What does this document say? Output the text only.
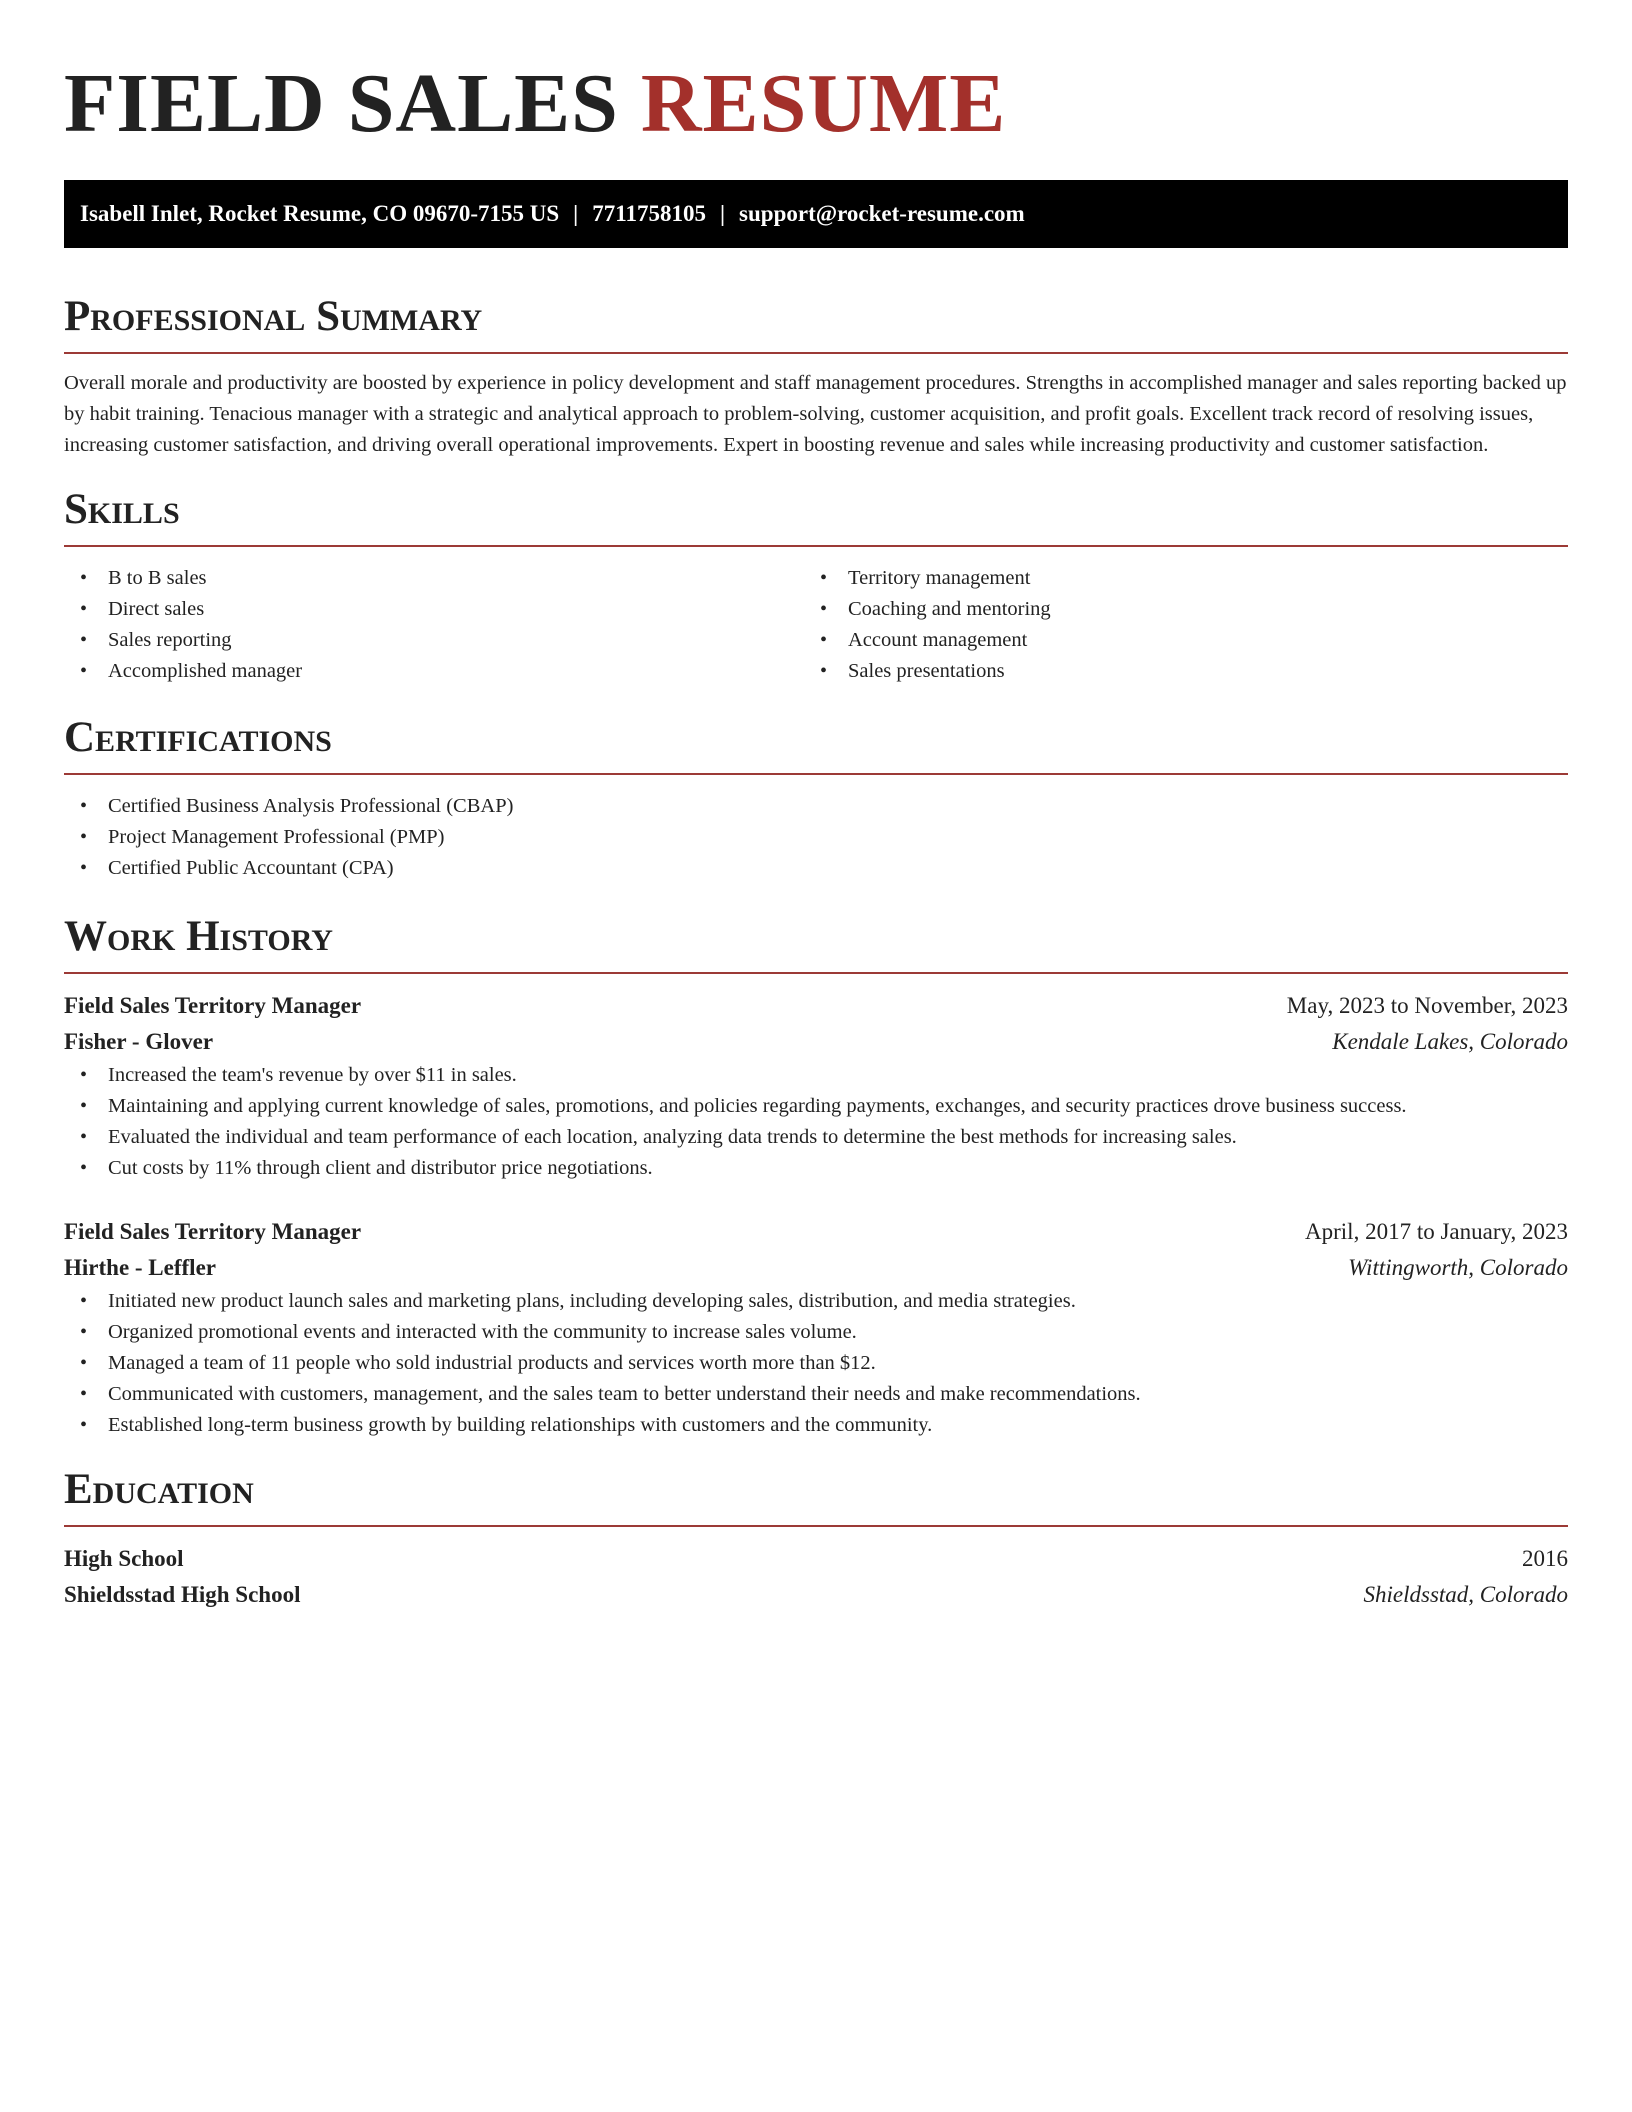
FIELD SALES RESUME
Isabell Inlet, Rocket Resume, CO 09670-7155 US | 7711758105 | support@rocket-resume.com
Professional Summary

Overall morale and productivity are boosted by experience in policy development and staff management procedures. Strengths in accomplished manager and sales reporting backed up by habit training. Tenacious manager with a strategic and analytical approach to problem-solving, customer acquisition, and profit goals. Excellent track record of resolving issues, increasing customer satisfaction, and driving overall operational improvements. Expert in boosting revenue and sales while increasing productivity and customer satisfaction.

Skills
• B to B sales
• Direct sales
• Sales reporting
• Accomplished manager
• Territory management
• Coaching and mentoring
• Account management
• Sales presentations
Certifications
• Certified Business Analysis Professional (CBAP)
• Project Management Professional (PMP)
• Certified Public Accountant (CPA)
Work History
Field Sales Territory Manager	May, 2023 to November, 2023
Fisher - Glover	Kendale Lakes, Colorado
• Increased the team's revenue by over $11 in sales.
• Maintaining and applying current knowledge of sales, promotions, and policies regarding payments, exchanges, and security practices drove business success.
• Evaluated the individual and team performance of each location, analyzing data trends to determine the best methods for increasing sales.
• Cut costs by 11% through client and distributor price negotiations.
Field Sales Territory Manager	April, 2017 to January, 2023
Hirthe - Leffler	Wittingworth, Colorado
• Initiated new product launch sales and marketing plans, including developing sales, distribution, and media strategies.
• Organized promotional events and interacted with the community to increase sales volume.
• Managed a team of 11 people who sold industrial products and services worth more than $12.
• Communicated with customers, management, and the sales team to better understand their needs and make recommendations.
• Established long-term business growth by building relationships with customers and the community.
Education
High School	2016
Shieldsstad High School	Shieldsstad, Colorado
